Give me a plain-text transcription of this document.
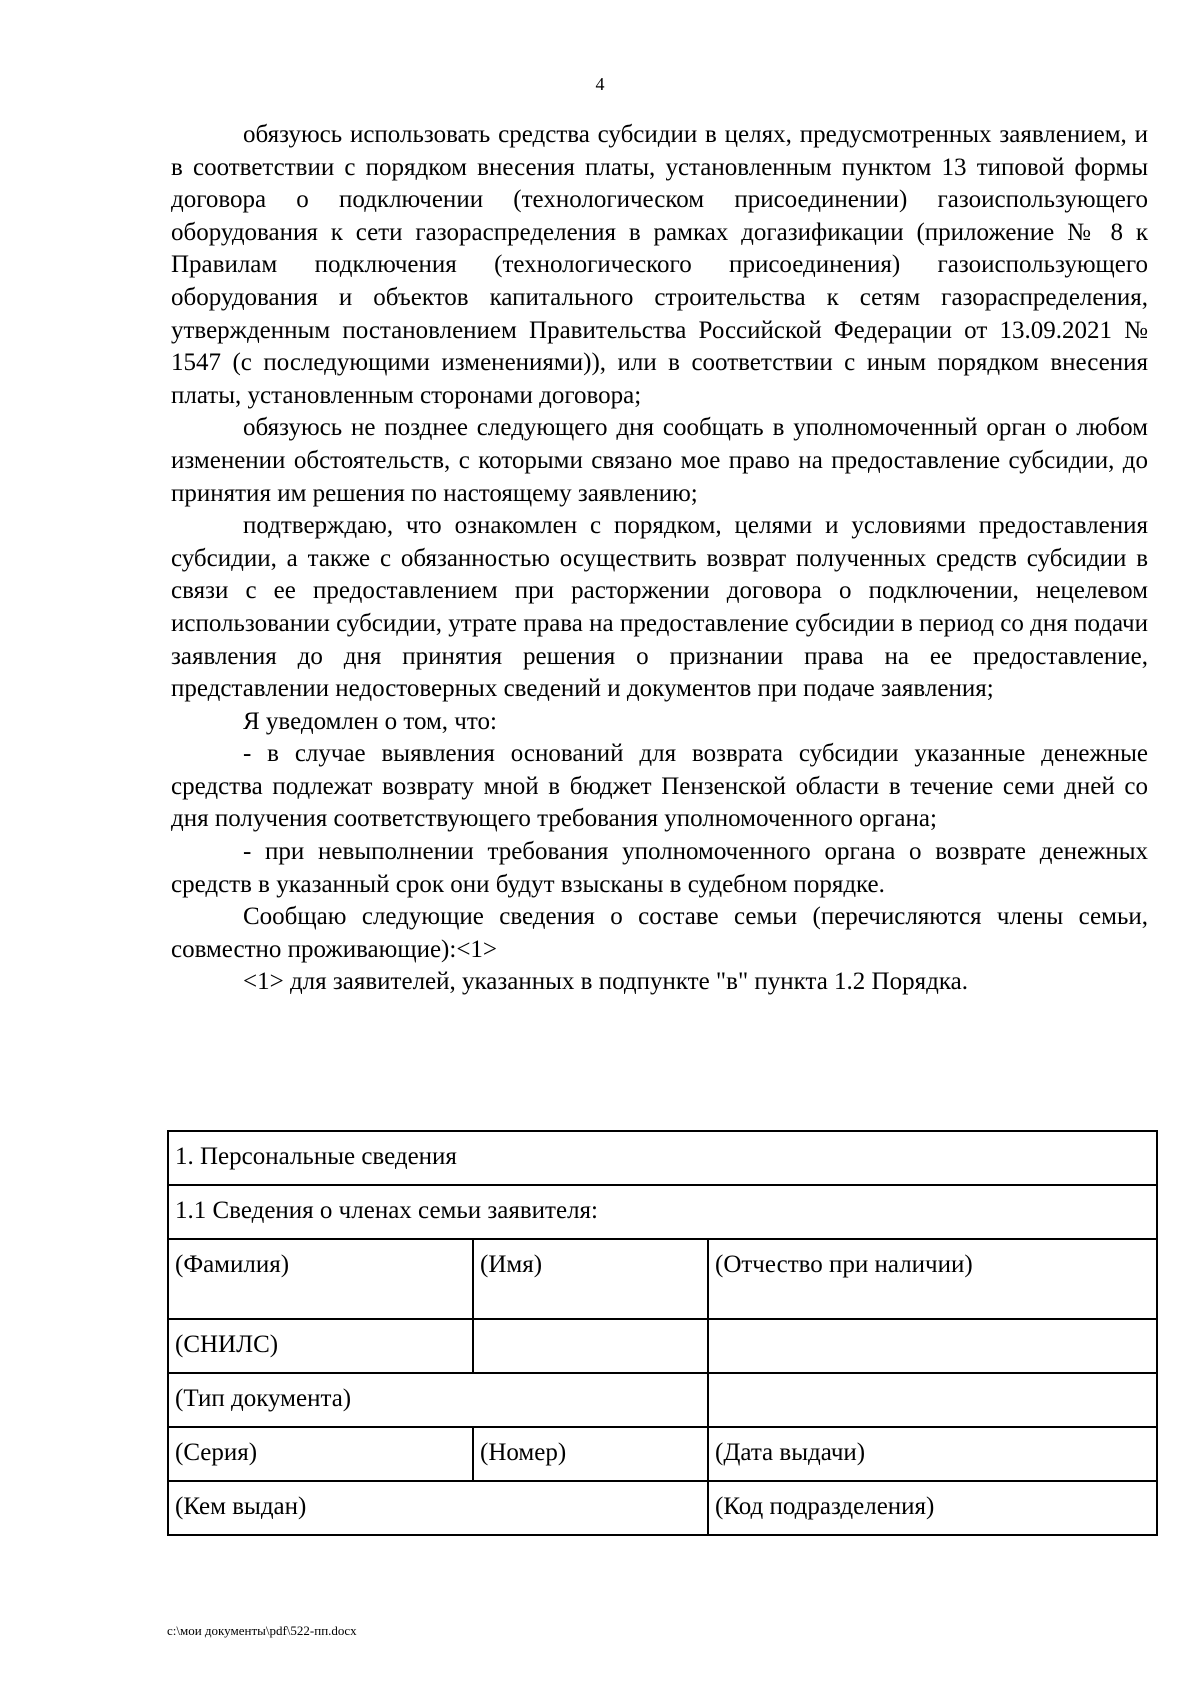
4

обязуюсь использовать средства субсидии в целях, предусмотренных заявлением, и в соответствии с порядком внесения платы, установленным пунктом 13 типовой формы договора о подключении (технологическом присоединении) газоиспользующего оборудования к сети газораспределения в рамках догазификации (приложение № 8 к Правилам подключения (технологического присоединения) газоиспользующего оборудования и объектов капитального строительства к сетям газораспределения, утвержденным постановлением Правительства Российской Федерации от 13.09.2021 № 1547 (с последующими изменениями)), или в соответствии с иным порядком внесения платы, установленным сторонами договора;

обязуюсь не позднее следующего дня сообщать в уполномоченный орган о любом изменении обстоятельств, с которыми связано мое право на предоставление субсидии, до принятия им решения по настоящему заявлению;

подтверждаю, что ознакомлен с порядком, целями и условиями предоставления субсидии, а также с обязанностью осуществить возврат полученных средств субсидии в связи с ее предоставлением при расторжении договора о подключении, нецелевом использовании субсидии, утрате права на предоставление субсидии в период со дня подачи заявления до дня принятия решения о признании права на ее предоставление, представлении недостоверных сведений и документов при подаче заявления;

Я уведомлен о том, что:

- в случае выявления оснований для возврата субсидии указанные денежные средства подлежат возврату мной в бюджет Пензенской области в течение семи дней со дня получения соответствующего требования уполномоченного органа;

- при невыполнении требования уполномоченного органа о возврате денежных средств в указанный срок они будут взысканы в судебном порядке.

Сообщаю следующие сведения о составе семьи (перечисляются члены семьи, совместно проживающие):<1>

<1> для заявителей, указанных в подпункте "в" пункта 1.2 Порядка.

1. Персональные сведения		
1.1 Сведения о членах семьи заявителя:		
(Фамилия)	(Имя)	(Отчество при наличии)
(СНИЛС)		
(Тип документа)		
(Серия)	(Номер)	(Дата выдачи)
(Кем выдан)		(Код подразделения)
c:\мои документы\pdf\522-пп.docx
